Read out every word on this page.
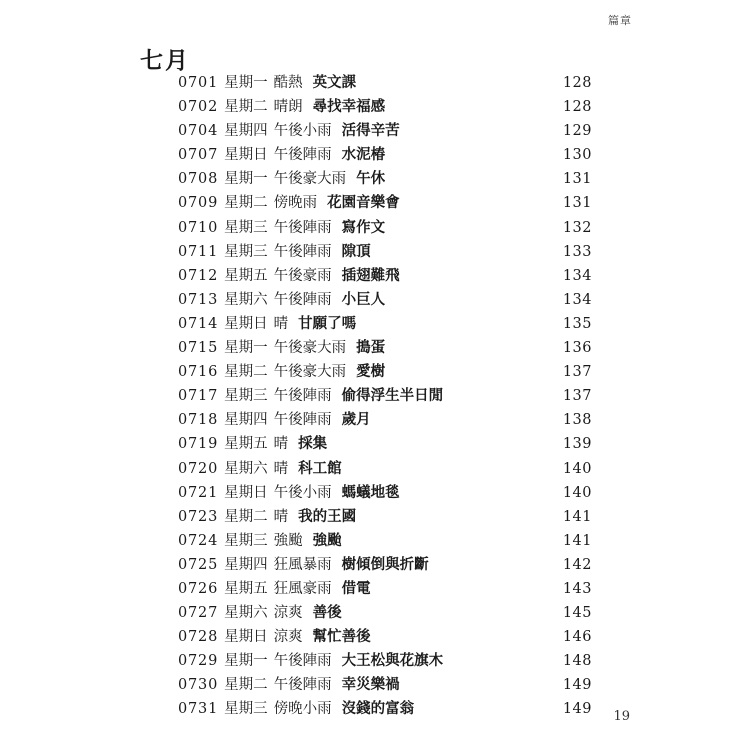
篇章
七月
0701 星期一 酷熱 英文課	128
0702 星期二 晴朗 尋找幸福感	128
0704 星期四 午後小雨 活得辛苦	129
0707 星期日 午後陣雨 水泥椿	130
0708 星期一 午後豪大雨 午休	131
0709 星期二 傍晚雨 花園音樂會	131
0710 星期三 午後陣雨 寫作文	132
0711 星期三 午後陣雨 隙頂	133
0712 星期五 午後豪雨 插翅難飛	134
0713 星期六 午後陣雨 小巨人	134
0714 星期日 晴 甘願了嗎	135
0715 星期一 午後豪大雨 搗蛋	136
0716 星期二 午後豪大雨 愛樹	137
0717 星期三 午後陣雨 偷得浮生半日閒	137
0718 星期四 午後陣雨 歲月	138
0719 星期五 晴 採集	139
0720 星期六 晴 科工館	140
0721 星期日 午後小雨 螞蟻地毯	140
0723 星期二 晴 我的王國	141
0724 星期三 強颱 強颱	141
0725 星期四 狂風暴雨 樹傾倒與折斷	142
0726 星期五 狂風豪雨 借電	143
0727 星期六 涼爽 善後	145
0728 星期日 涼爽 幫忙善後	146
0729 星期一 午後陣雨 大王松與花旗木	148
0730 星期二 午後陣雨 幸災樂禍	149
0731 星期三 傍晚小雨 沒錢的富翁	149 19
